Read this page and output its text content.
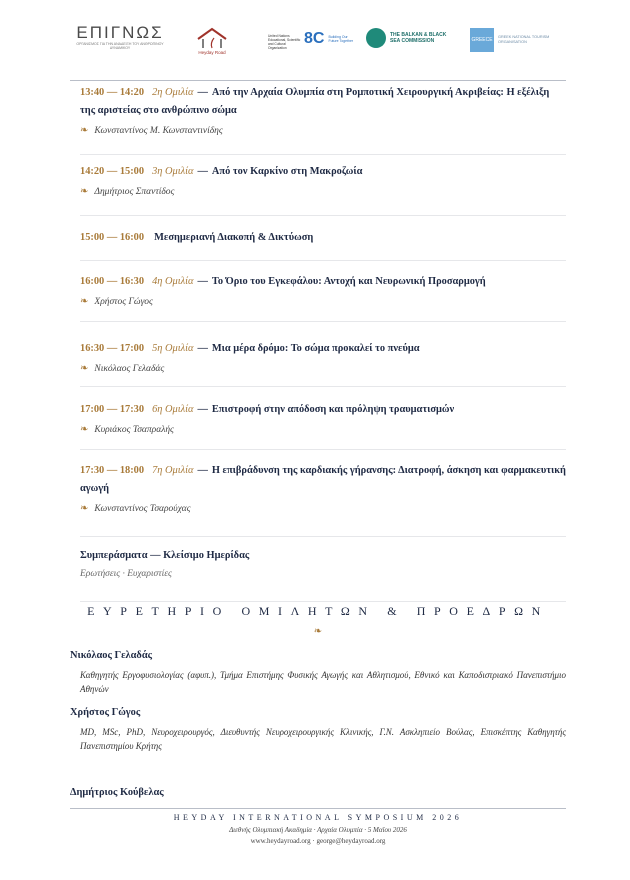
ΕΠΙΓΝΩΣ
ΟΡΓΑΝΙΣΜΟΣ ΓΙΑ ΤΗΝ ΑΝΑΔΕΙΞΗ ΤΟΥ ΑΝΘΡΩΠΙΝΟΥ ΔΥΝΑΜΙΚΟΥ
Heyday Road
United Nations Educational, Scientific and Cultural Organization
8C Building Our Future Together
THE BALKAN & BLACK SEA COMMISSION	GREECE GREEK NATIONAL TOURISM ORGANISATION
13:40 — 14:20 2η Ομιλία — Από την Αρχαία Ολυμπία στη Ρομποτική Χειρουργική Ακριβείας: Η εξέλιξη της αριστείας στο ανθρώπινο σώμα
❧ Κωνσταντίνος Μ. Κωνσταντινίδης
14:20 — 15:00 3η Ομιλία — Από τον Καρκίνο στη Μακροζωία
❧ Δημήτριος Σπαντίδος
15:00 — 16:00 Μεσημεριανή Διακοπή & Δικτύωση
16:00 — 16:30 4η Ομιλία — Το Όριο του Εγκεφάλου: Αντοχή και Νευρωνική Προσαρμογή
❧ Χρήστος Γώγος
16:30 — 17:00 5η Ομιλία — Μια μέρα δρόμο: Το σώμα προκαλεί το πνεύμα
❧ Νικόλαος Γελαδάς
17:00 — 17:30 6η Ομιλία — Επιστροφή στην απόδοση και πρόληψη τραυματισμών
❧ Κυριάκος Τσαπραλής
17:30 — 18:00 7η Ομιλία — Η επιβράδυνση της καρδιακής γήρανσης: Διατροφή, άσκηση και φαρμακευτική αγωγή
❧ Κωνσταντίνος Τσαρούχας
Συμπεράσματα — Κλείσιμο Ημερίδας
Ερωτήσεις · Ευχαριστίες
ΕΥΡΕΤΗΡΙΟ ΟΜΙΛΗΤΩΝ & ΠΡΟΕΔΡΩΝ
❧
Νικόλαος Γελαδάς
Καθηγητής Εργοφυσιολογίας (αφυπ.), Τμήμα Επιστήμης Φυσικής Αγωγής και Αθλητισμού, Εθνικό και Καποδιστριακό Πανεπιστήμιο Αθηνών
Χρήστος Γώγος
MD, MSc, PhD, Νευροχειρουργός, Διευθυντής Νευροχειρουργικής Κλινικής, Γ.Ν. Ασκληπιείο Βούλας, Επισκέπτης Καθηγητής Πανεπιστημίου Κρήτης
Δημήτριος Κούβελας
HEYDAY INTERNATIONAL SYMPOSIUM 2026
Διεθνής Ολυμπιακή Ακαδημία · Αρχαία Ολυμπία · 5 Μαΐου 2026
www.heydayroad.org · george@heydayroad.org
